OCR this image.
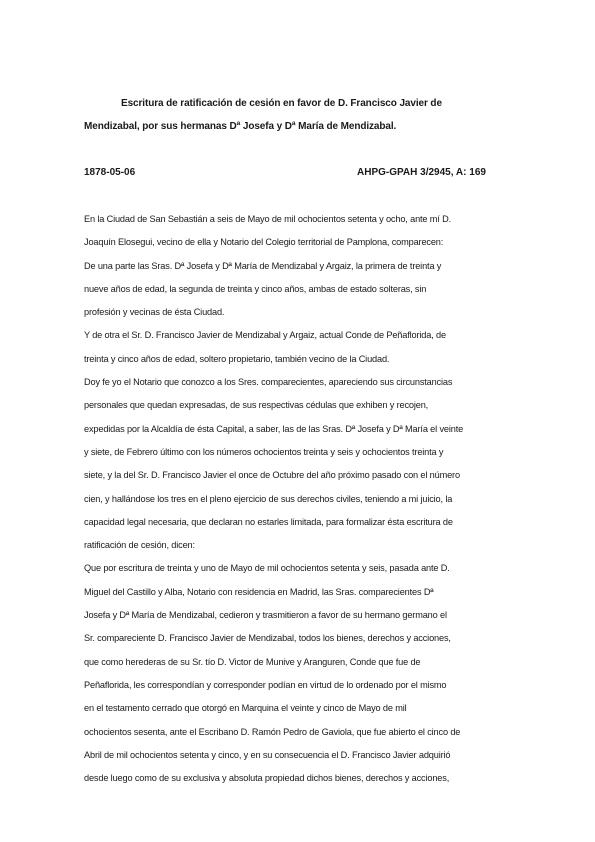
Escritura de ratificación de cesión en favor de D. Francisco Javier de
Mendizabal, por sus hermanas Dª Josefa y Dª María de Mendizabal.
1878-05-06	AHPG-GPAH 3/2945, A: 169
En la Ciudad de San Sebastián a seis de Mayo de mil ochocientos setenta y ocho, ante mí D.
Joaquín Elosegui, vecino de ella y Notario del Colegio territorial de Pamplona, comparecen:
De una parte las Sras. Dª Josefa y Dª María de Mendizabal y Argaiz, la primera de treinta y
nueve años de edad, la segunda de treinta y cinco años, ambas de estado solteras, sin
profesión y vecinas de ésta Ciudad.
Y de otra el Sr. D. Francisco Javier de Mendizabal y Argaiz, actual Conde de Peñaflorida, de
treinta y cinco años de edad, soltero propietario, también vecino de la Ciudad.
Doy fe yo el Notario que conozco a los Sres. comparecientes, apareciendo sus circunstancias
personales que quedan expresadas, de sus respectivas cédulas que exhiben y recojen,
expedidas por la Alcaldía de ésta Capital, a saber, las de las Sras. Dª Josefa y Dª María el veinte
y siete, de Febrero último con los números ochocientos treinta y seis y ochocientos treinta y
siete, y la del Sr. D. Francisco Javier el once de Octubre del año próximo pasado con el número
cien, y hallándose los tres en el pleno ejercicio de sus derechos civiles, teniendo a mi juicio, la
capacidad legal necesaria, que declaran no estarles limitada, para formalizar ésta escritura de
ratificación de cesión, dicen:
Que por escritura de treinta y uno de Mayo de mil ochocientos setenta y seis, pasada ante D.
Miguel del Castillo y Alba, Notario con residencia en Madrid, las Sras. comparecientes Dª
Josefa y Dª María de Mendizabal, cedieron y trasmitieron a favor de su hermano germano el
Sr. compareciente D. Francisco Javier de Mendizabal, todos los bienes, derechos y acciones,
que como herederas de su Sr. tío D. Victor de Munive y Aranguren, Conde que fue de
Peñaflorida, les correspondían y corresponder podían en virtud de lo ordenado por el mismo
en el testamento cerrado que otorgó en Marquina el veinte y cinco de Mayo de mil
ochocientos sesenta, ante el Escribano D. Ramón Pedro de Gaviola, que fue abierto el cinco de
Abril de mil ochocientos setenta y cinco, y en su consecuencia el D. Francisco Javier adquirió
desde luego como de su exclusiva y absoluta propiedad dichos bienes, derechos y acciones,
